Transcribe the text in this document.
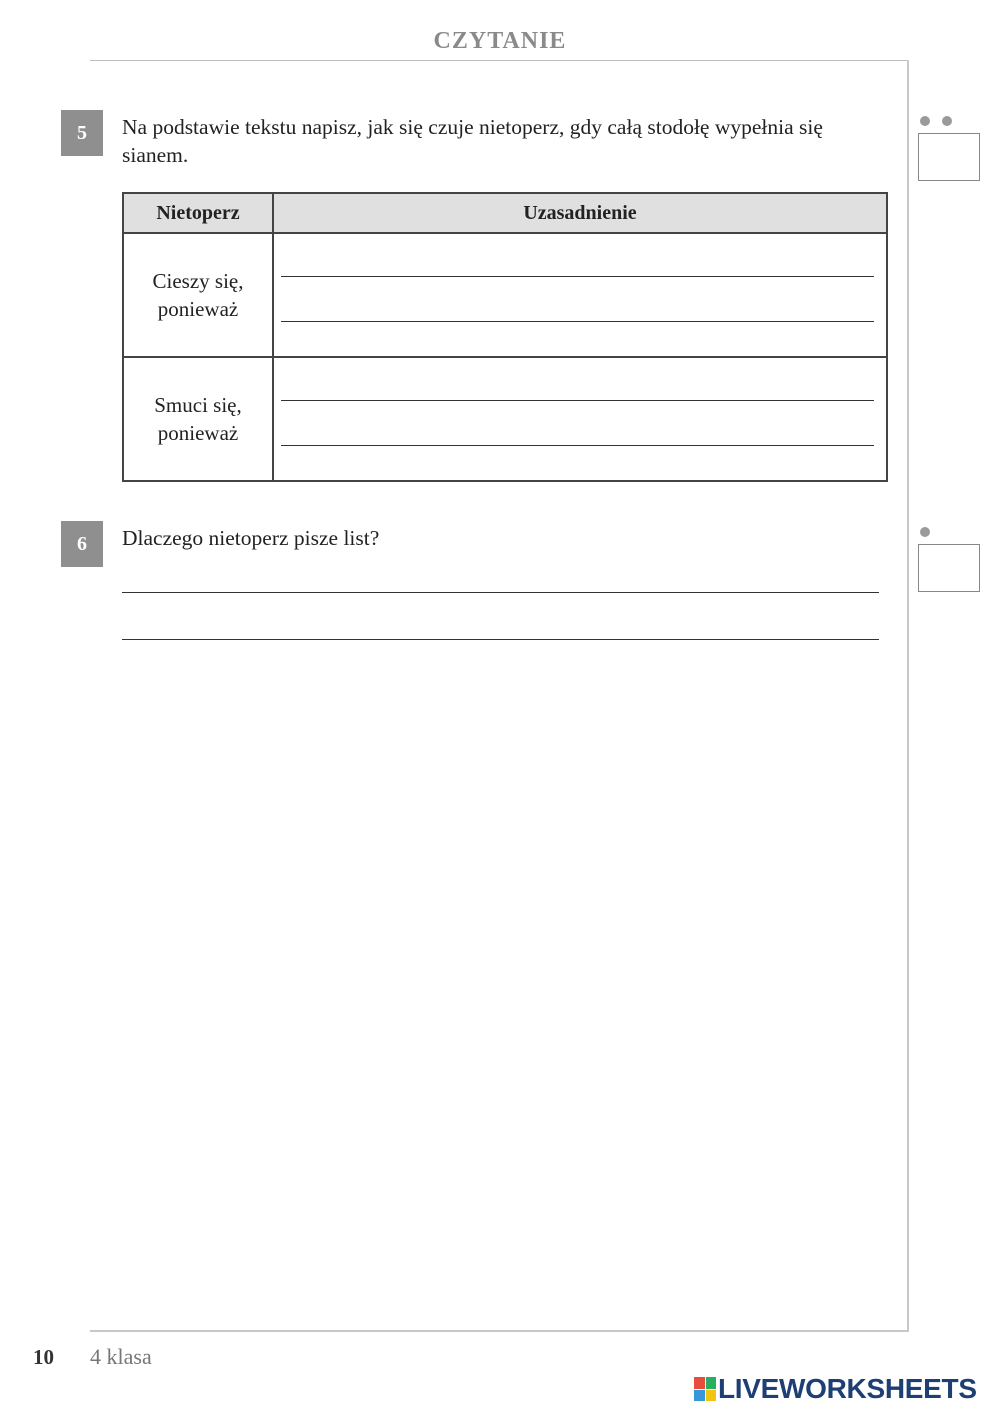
CZYTANIE
5	Na podstawie tekstu napisz, jak się czuje nietoperz, gdy całą stodołę wypełnia się sianem.
Nietoperz	Uzasadnienie
Cieszy się, ponieważ	

Smuci się, ponieważ	
6	Dlaczego nietoperz pisze list?
10 4 klasa
LIVEWORKSHEETS
